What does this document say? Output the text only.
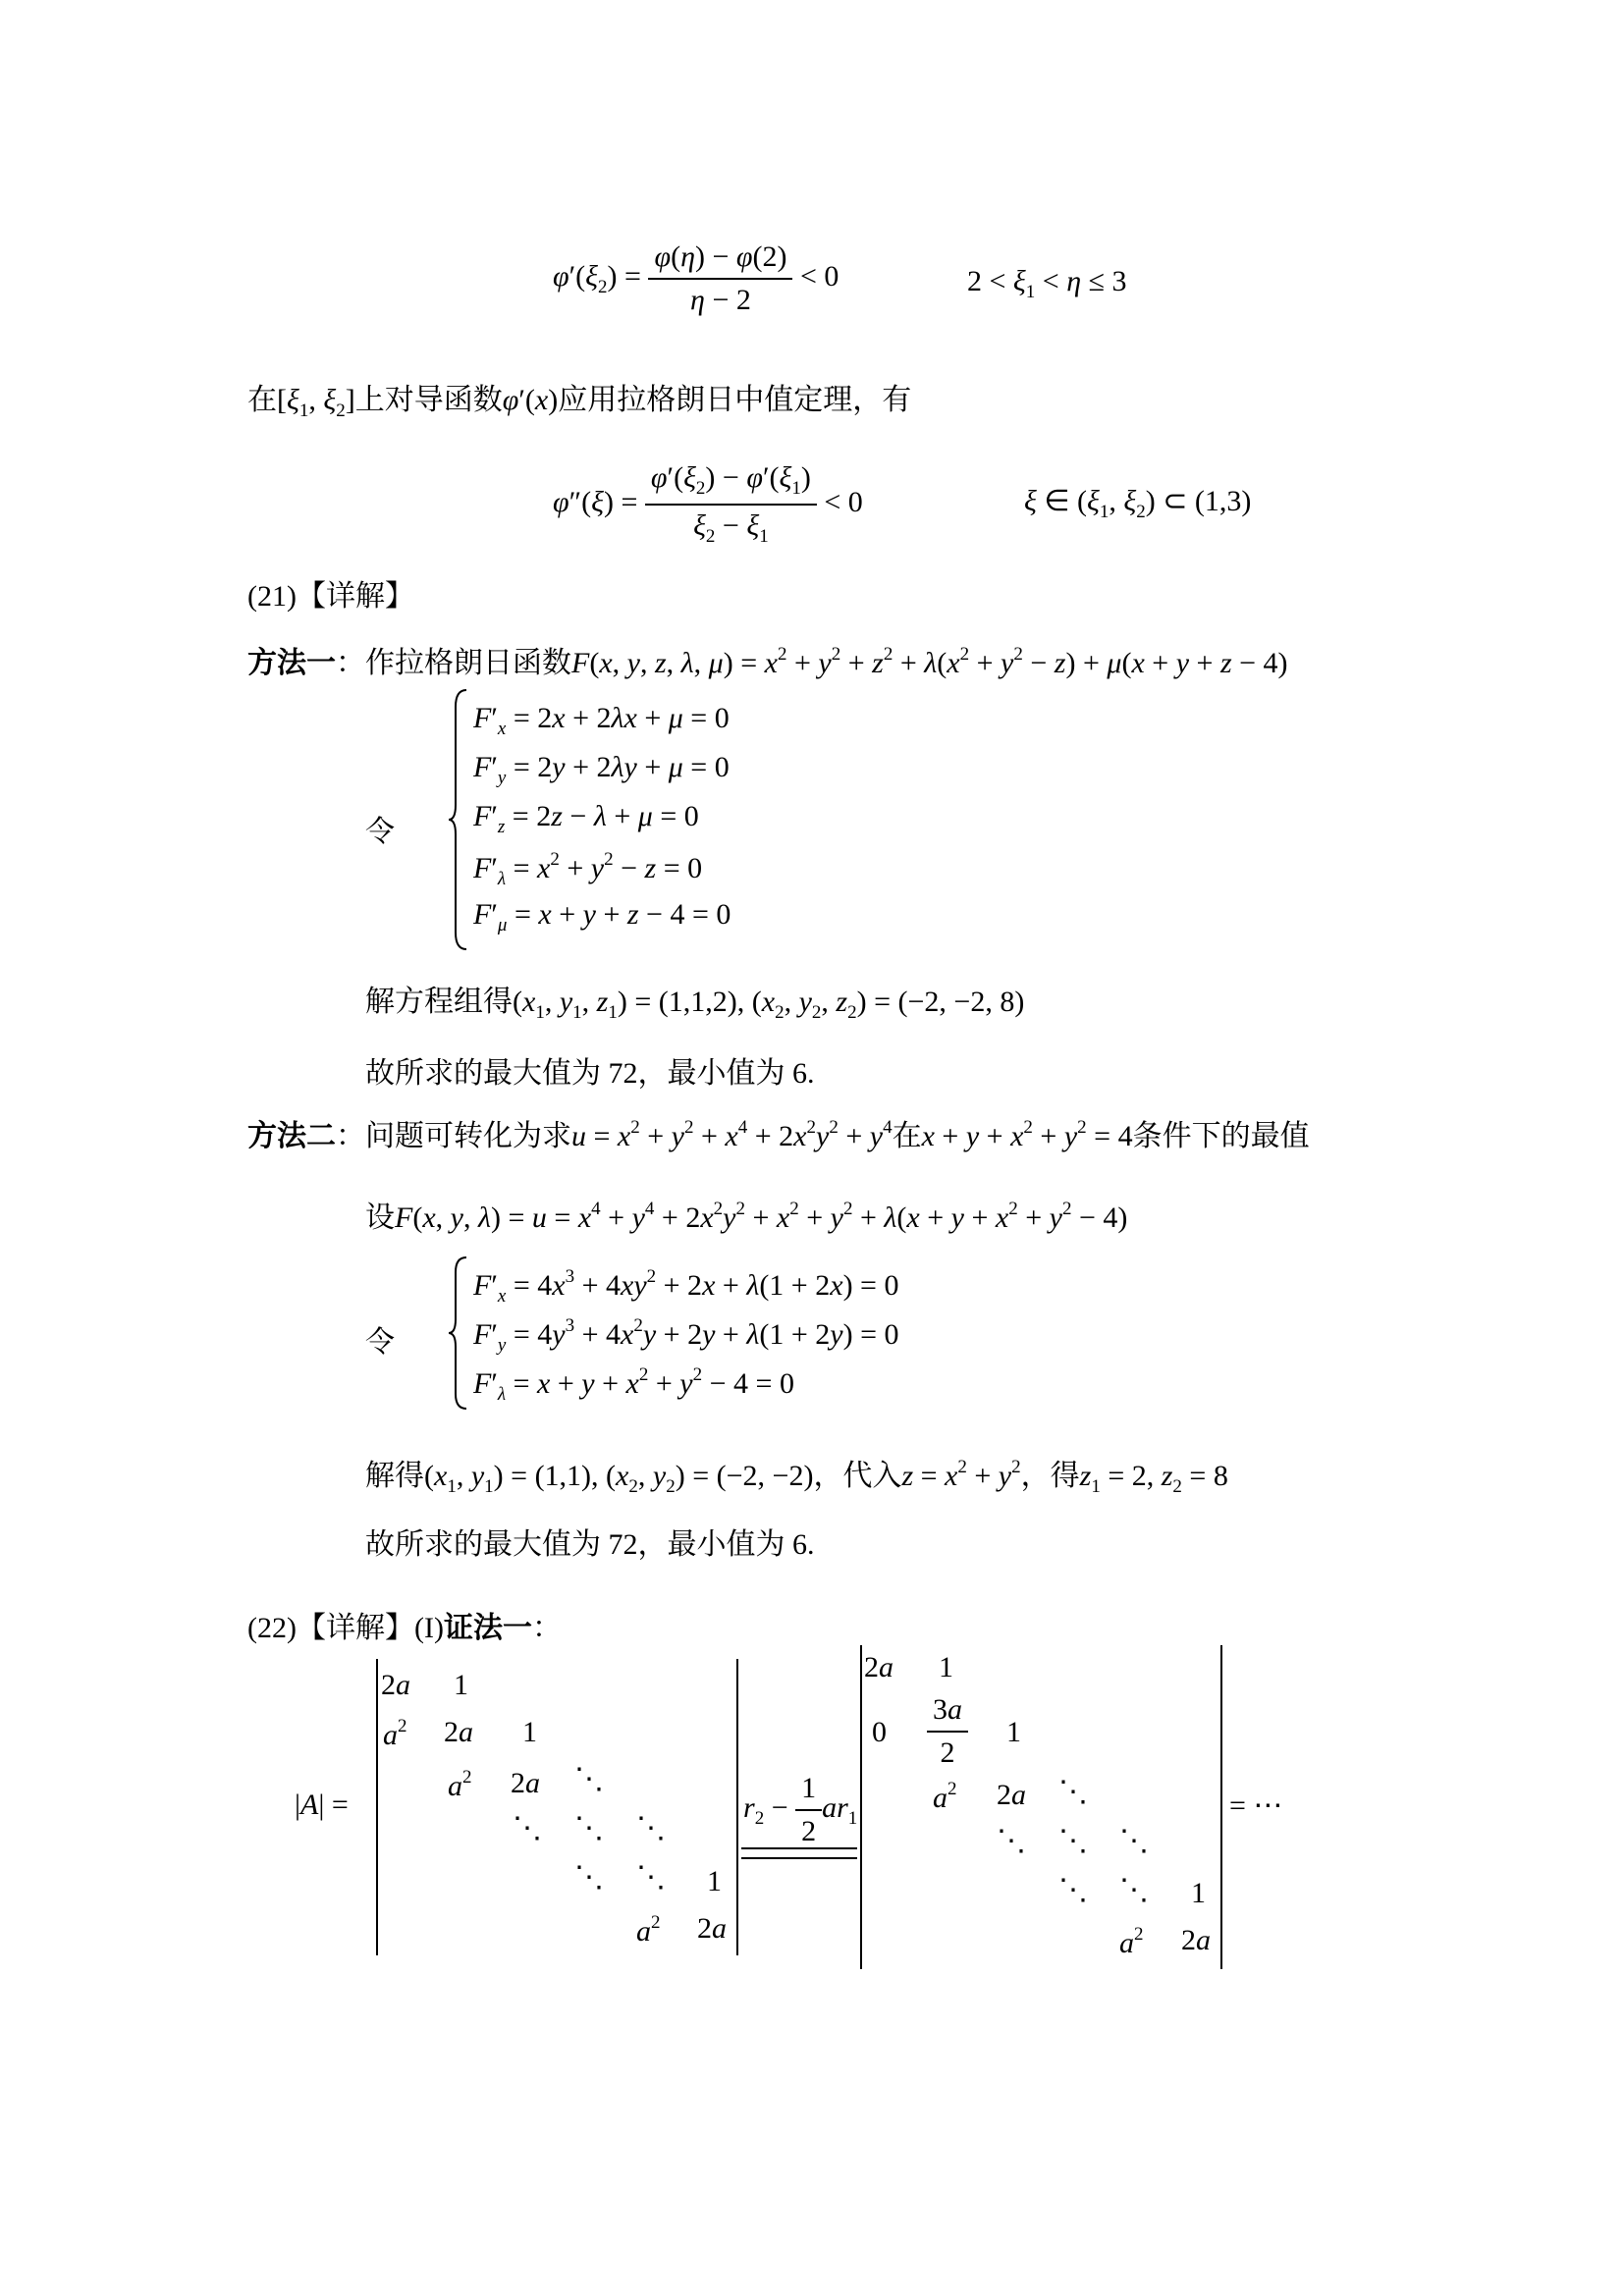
$\varphi'(\xi_2) = \frac{\varphi(\eta) - \varphi(2)}{\eta - 2} < 0$	$2 < \xi_1 < \eta \le 3$
在[$\xi_1$, $\xi_2$]上对导函数φ′(x)应用拉格朗日中值定理，有
$\varphi''(\xi) = \frac{\varphi'(\xi_2) - \varphi'(\xi_1)}{\xi_2 - \xi_1} < 0$	ξ ∈ ($\xi_1$, $\xi_2$) ⊂ (1,3)
(21)【详解】
方法一：作拉格朗日函数F(x, y, z, λ, $\mu) = x^2 + y^2 + z^2 + \lambda(x^2 + y^2 - z) + \mu(x + y + z - 4)$
令
$F'_x = 2x + 2\lambda x + \mu = 0$
$F'_y = 2y + 2\lambda y + \mu = 0$
$F'_z = 2z - \lambda + \mu = 0$
$F'_\lambda = x^2 + y^2 - z = 0$
$F'_\mu = x + y + z - 4 = 0$
解方程组得($x_1$, $y_1$, $z_1) = (1,1,2)$, ($x_2$, $y_2$, $z_2) = (-2$, −2, 8)
故所求的最大值为 72，最小值为 6.
方法二：问题可转化为求$u = x^2 + y^2 + x^4 + 2x^2y^2 + y^4$在$x + y + x^2 + y^2 = 4$条件下的最值
设F(x, y, $\lambda) = u = x^4 + y^4 + 2x^2y^2 + x^2 + y^2 + \lambda(x + y + x^2 + y^2 - 4)$
令
$F'_x = 4x^3 + 4xy^2 + 2x + \lambda(1 + 2x) = 0$
$F'_y = 4y^3 + 4x^2y + 2y + \lambda(1 + 2y) = 0$
$F'_\lambda = x + y + x^2 + y^2 - 4 = 0$
解得($x_1$, $y_1) = (1,1)$, ($x_2$, $y_2) = (-2$, −2)，代入$z = x^2 + y^2$，得$z_1 = 2$, $z_2 = 8$
故所求的最大值为 72，最小值为 6.
(22)【详解】(I)证法一：
|A| =
2a 1
$a^2$ 2a 1
$a^2$ 2a ⋱
⋱ ⋱ ⋱
⋱ ⋱ 1
$a^2$ 2a
$r_2 - \frac{1}{2} ar_1$
2a 1
$0 \frac{3a}{2} 1$
$a^2$ 2a ⋱
⋱ ⋱ ⋱
⋱ ⋱ 1
$a^2$ 2a
= ⋯
